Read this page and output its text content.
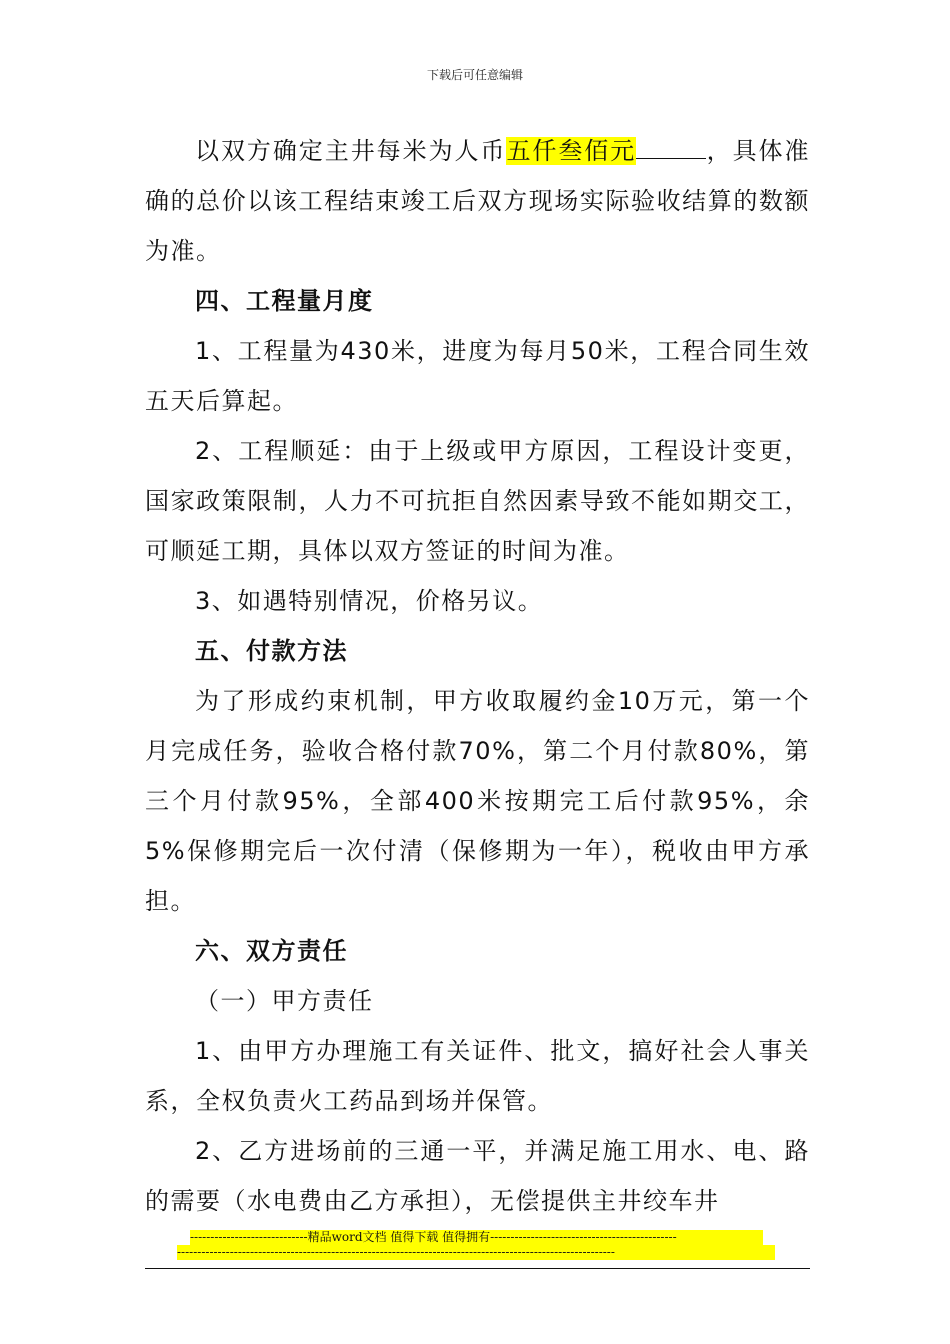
下载后可任意编辑

以双方确定主井每米为人币五仟叁佰元	，具体准确的总价以该工程结束竣工后双方现场实际验收结算的数额为准。

四、工程量月度

1、工程量为430米，进度为每月50米，工程合同生效五天后算起。

2、工程顺延：由于上级或甲方原因，工程设计变更，国家政策限制，人力不可抗拒自然因素导致不能如期交工，可顺延工期，具体以双方签证的时间为准。

3、如遇特别情况，价格另议。

五、付款方法

为了形成约束机制，甲方收取履约金10万元，第一个月完成任务，验收合格付款70%，第二个月付款80%，第三个月付款95%，全部400米按期完工后付款95%，余5%保修期完后一次付清（保修期为一年），税收由甲方承担。

六、双方责任

（一）甲方责任

1、由甲方办理施工有关证件、批文，搞好社会人事关系，全权负责火工药品到场并保管。

2、乙方进场前的三通一平，并满足施工用水、电、路的需要（水电费由乙方承担），无偿提供主井绞车井

-----------------------------精品word文档 值得下载 值得拥有----------------------------------------------
------------------------------------------------------------------------------------------------------------
